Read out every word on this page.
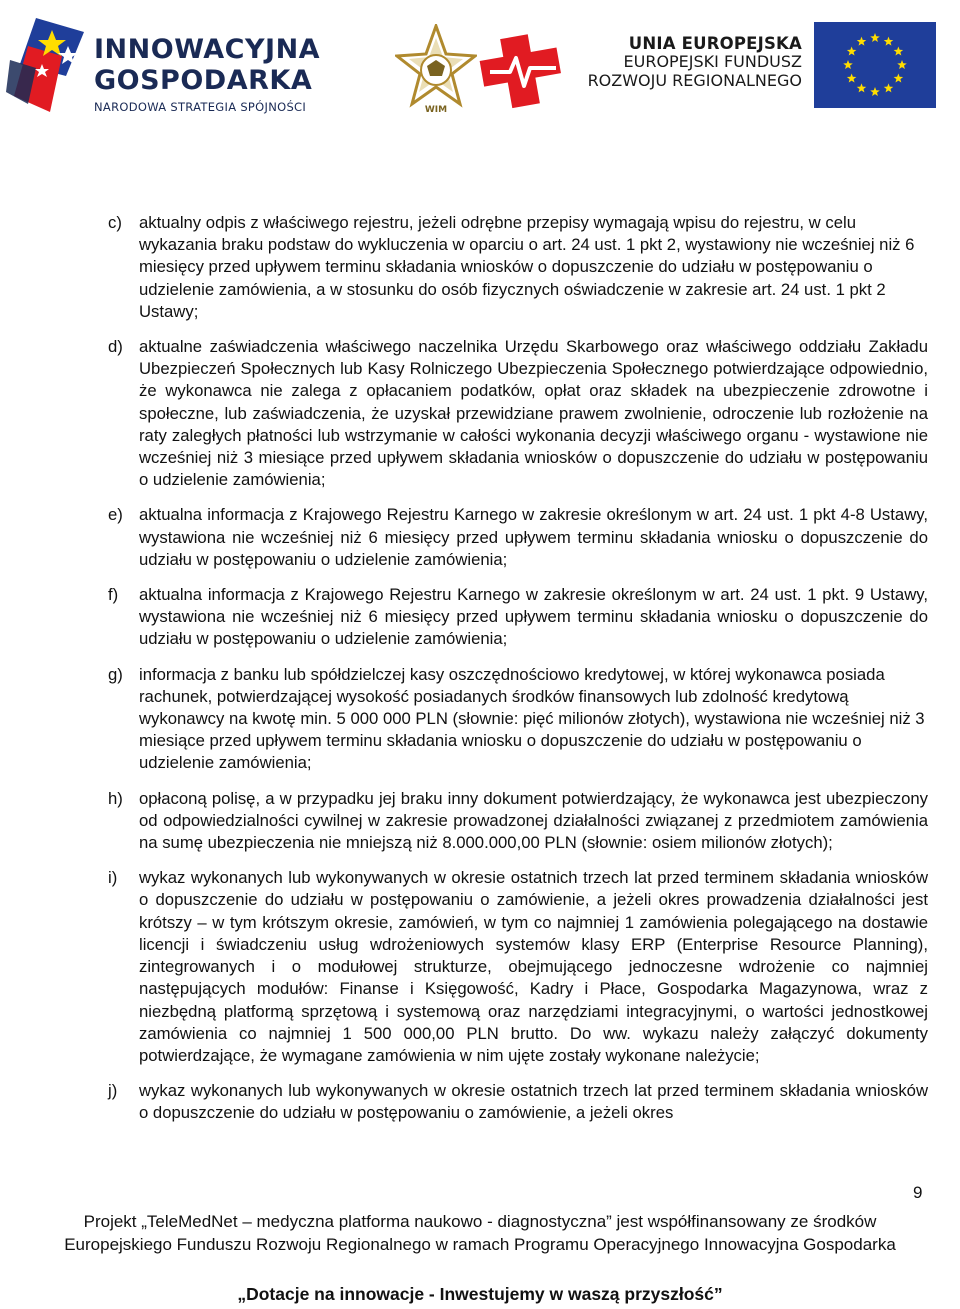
INNOWACYJNA
GOSPODARKA
NARODOWA STRATEGIA SPÓJNOŚCI	WIM
UNIA EUROPEJSKA
EUROPEJSKI FUNDUSZ
ROZWOJU REGIONALNEGO
c)	aktualny odpis z właściwego rejestru, jeżeli odrębne przepisy wymagają wpisu do rejestru, w celu wykazania braku podstaw do wykluczenia w oparciu o art. 24 ust. 1 pkt 2, wystawiony nie wcześniej niż 6 miesięcy przed upływem terminu składania wniosków o dopuszczenie do udziału w postępowaniu o udzielenie zamówienia, a w stosunku do osób fizycznych oświadczenie w zakresie art. 24 ust. 1 pkt 2 Ustawy;
d) aktualne zaświadczenia właściwego naczelnika Urzędu Skarbowego oraz właściwego oddziału Zakładu Ubezpieczeń Społecznych lub Kasy Rolniczego Ubezpieczenia Społecznego potwierdzające odpowiednio, że wykonawca nie zalega z opłacaniem podatków, opłat oraz składek na ubezpieczenie zdrowotne i społeczne, lub zaświadczenia, że uzyskał przewidziane prawem zwolnienie, odroczenie lub rozłożenie na raty zaległych płatności lub wstrzymanie w całości wykonania decyzji właściwego organu - wystawione nie wcześniej niż 3 miesiące przed upływem składania wniosków o dopuszczenie do udziału w postępowaniu o udzielenie zamówienia;
e) aktualna informacja z Krajowego Rejestru Karnego w zakresie określonym w art. 24 ust. 1 pkt 4-8 Ustawy, wystawiona nie wcześniej niż 6 miesięcy przed upływem terminu składania wniosku o dopuszczenie do udziału w postępowaniu o udzielenie zamówienia;
f)	aktualna informacja z Krajowego Rejestru Karnego w zakresie określonym w art. 24 ust. 1 pkt. 9 Ustawy, wystawiona nie wcześniej niż 6 miesięcy przed upływem terminu składania wniosku o dopuszczenie do udziału w postępowaniu o udzielenie zamówienia;
g) informacja z banku lub spółdzielczej kasy oszczędnościowo kredytowej, w której wykonawca posiada rachunek, potwierdzającej wysokość posiadanych środków finansowych lub zdolność kredytową wykonawcy na kwotę min. 5 000 000 PLN (słownie: pięć milionów złotych), wystawiona nie wcześniej niż 3 miesiące przed upływem terminu składania wniosku o dopuszczenie do udziału w postępowaniu o udzielenie zamówienia;
h) opłaconą polisę, a w przypadku jej braku inny dokument potwierdzający, że wykonawca jest ubezpieczony od odpowiedzialności cywilnej w zakresie prowadzonej działalności związanej z przedmiotem zamówienia na sumę ubezpieczenia nie mniejszą niż 8.000.000,00 PLN (słownie: osiem milionów złotych);
i)	wykaz wykonanych lub wykonywanych w okresie ostatnich trzech lat przed terminem składania wniosków o dopuszczenie do udziału w postępowaniu o zamówienie, a jeżeli okres prowadzenia działalności jest krótszy – w tym krótszym okresie, zamówień, w tym co najmniej 1 zamówienia polegającego na dostawie licencji i świadczeniu usług wdrożeniowych systemów klasy ERP (Enterprise Resource Planning), zintegrowanych i o modułowej strukturze, obejmującego jednoczesne wdrożenie co najmniej następujących modułów: Finanse i Księgowość, Kadry i Płace, Gospodarka Magazynowa, wraz z niezbędną platformą sprzętową i systemową oraz narzędziami integracyjnymi, o wartości jednostkowej zamówienia co najmniej 1 500 000,00 PLN brutto. Do ww. wykazu należy załączyć dokumenty potwierdzające, że wymagane zamówienia w nim ujęte zostały wykonane należycie;
j)	wykaz wykonanych lub wykonywanych w okresie ostatnich trzech lat przed terminem składania wniosków o dopuszczenie do udziału w postępowaniu o zamówienie, a jeżeli okres
9
Projekt „TeleMedNet – medyczna platforma naukowo - diagnostyczna” jest współfinansowany ze środków Europejskiego Funduszu Rozwoju Regionalnego w ramach Programu Operacyjnego Innowacyjna Gospodarka
„Dotacje na innowacje - Inwestujemy w waszą przyszłość”
